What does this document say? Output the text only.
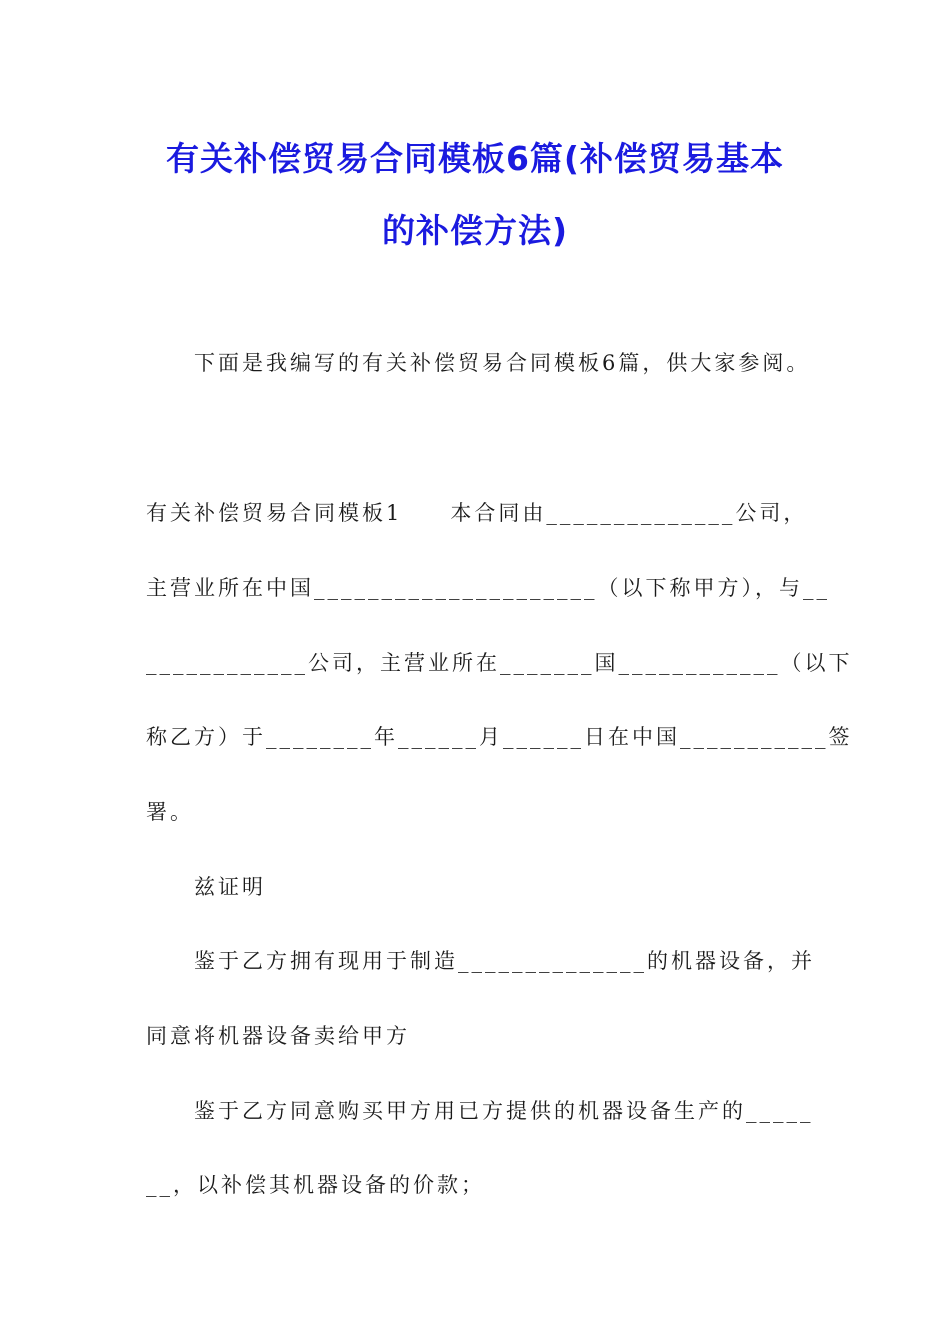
有关补偿贸易合同模板6篇(补偿贸易基本
的补偿方法)

下面是我编写的有关补偿贸易合同模板6篇，供大家参阅。

有关补偿贸易合同模板1　　本合同由______________公司，

主营业所在中国_____________________（以下称甲方），与__

____________公司，主营业所在_______国____________（以下

称乙方）于________年______月______日在中国___________签

署。

兹证明

鉴于乙方拥有现用于制造______________的机器设备，并

同意将机器设备卖给甲方

鉴于乙方同意购买甲方用已方提供的机器设备生产的_____

__，以补偿其机器设备的价款；
